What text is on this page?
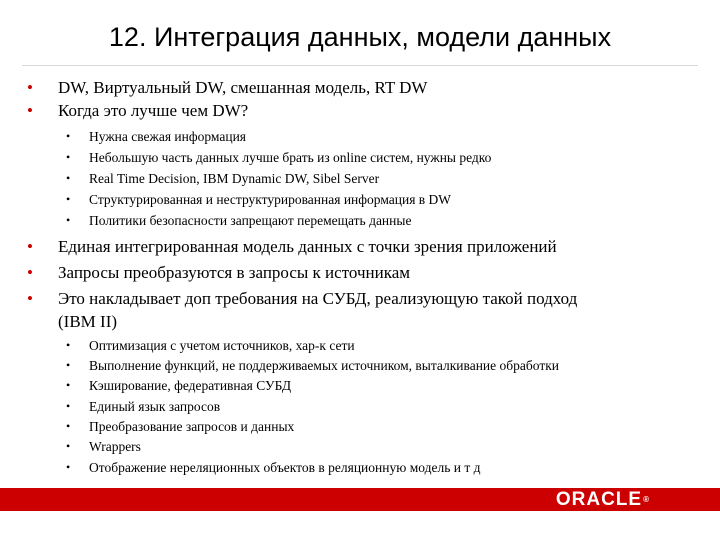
12. Интеграция данных, модели данных
• DW, Виртуальный DW, смешанная модель, RT DW
• Когда это лучше чем DW?
• Нужна свежая информация
• Небольшую часть данных лучше брать из online систем, нужны редко
• Real Time Decision, IBM Dynamic DW, Sibel Server
• Структурированная и неструктурированная информация в DW
• Политики безопасности запрещают перемещать данные
• Единая интегрированная модель данных с точки зрения приложений
• Запросы преобразуются в запросы к источникам
• Это накладывает доп требования на СУБД, реализующую такой подход
(IBM II)
• Оптимизация с учетом источников, хар-к сети
• Выполнение функций, не поддерживаемых источником, выталкивание обработки
• Кэширование, федеративная СУБД
• Единый язык запросов
• Преобразование запросов и данных
• Wrappers
• Отображение нереляционных объектов в реляционную модель и т д
ORACLE®
